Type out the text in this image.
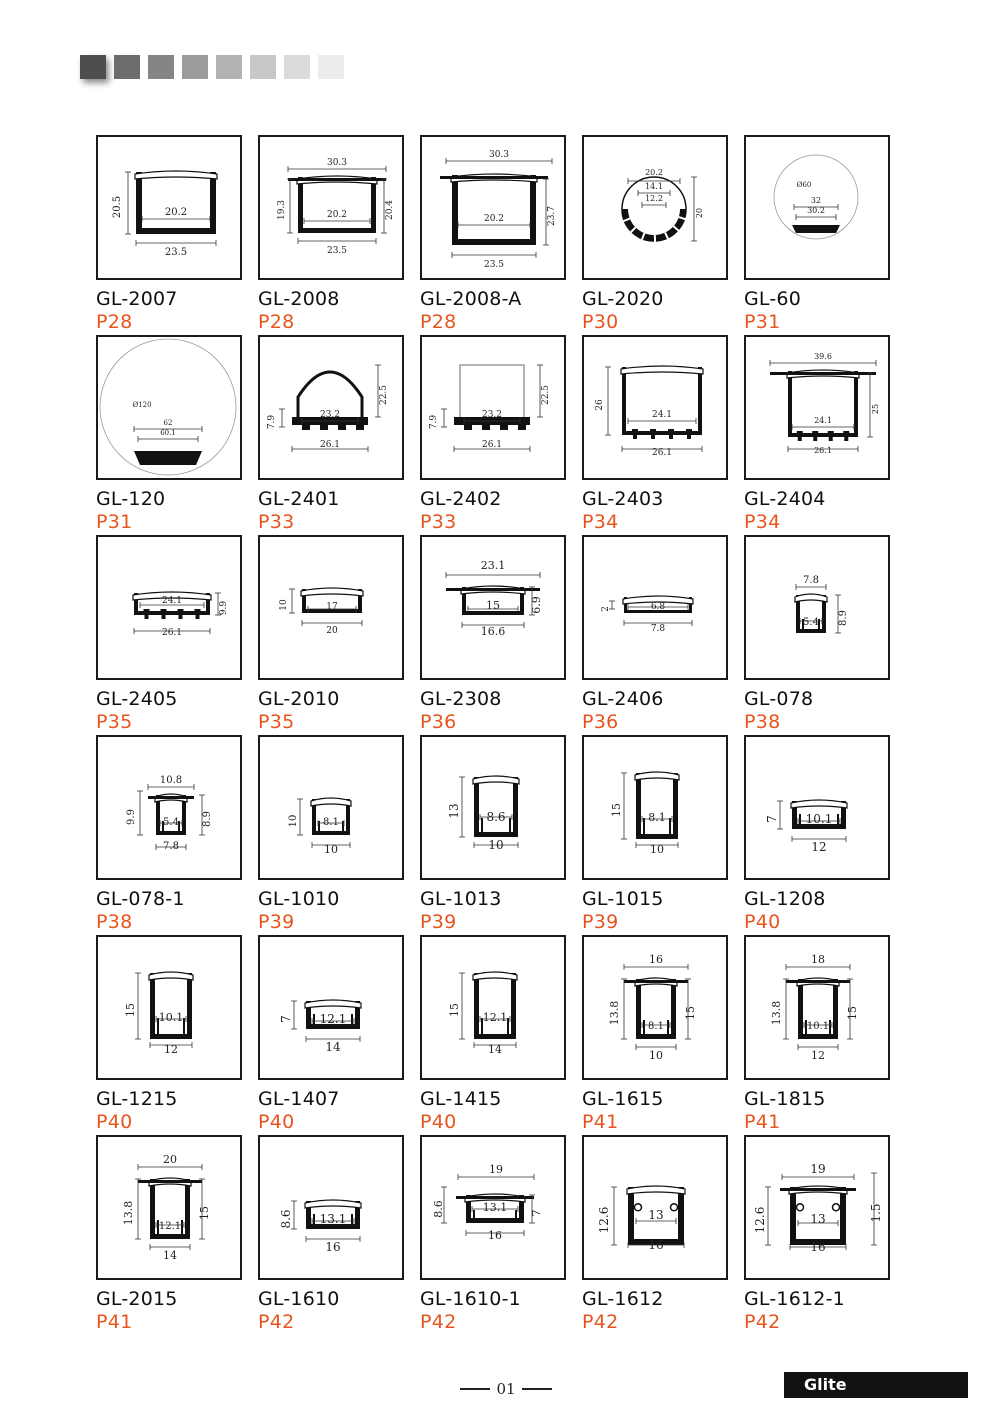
20.5	20.2
23.5
GL-2007
P28
30.3
19.3	20.4
20.2
23.5
GL-2008
P28
30.3
23.7
20.2
23.5
GL-2008-A
P28
20.2
14.1
12.2
20
GL-2020
P30
Ø60
32
30.2
GL-60
P31
Ø120
62
60.1
GL-120
P31
7.9	23.2
22.5
26.1
GL-2401
P33
7.9	23.2
22.5
26.1
GL-2402
P33
26
24.1
26.1
GL-2403
P34
39.6
24.1
25
26.1
GL-2404
P34
24.1	9.9
26.1
GL-2405
P35
10	17
20
GL-2010
P35
23.1
15	6.9
16.6
GL-2308
P36
2	6.8
7.8
GL-2406
P36
7.8
5.4 8.9
GL-078
P38
10.8
9.9	5.4 8.9
7.8
GL-078-1
P38
10 8.1
10
GL-1010
P39
13 8.6
10
GL-1013
P39
15
8.1
10
GL-1015
P39
7 10.1
12
GL-1208
P40
15
10.1
12
GL-1215
P40
7 12.1
14
GL-1407
P40
15
12.1
14
GL-1415
P40
16
13.8	15
8.1
10
GL-1615
P41
18
13.8	15
10.1
12
GL-1815
P41
20
13.8	15
12.1
14
GL-2015
P41
8.6 13.1
16
GL-1610
P42
19
8.6	13.1 7
16
GL-1610-1
P42
12.6	13
16
GL-1612
P42
19
12.6	13	1.5
16
GL-1612-1
P42
01	Glite
